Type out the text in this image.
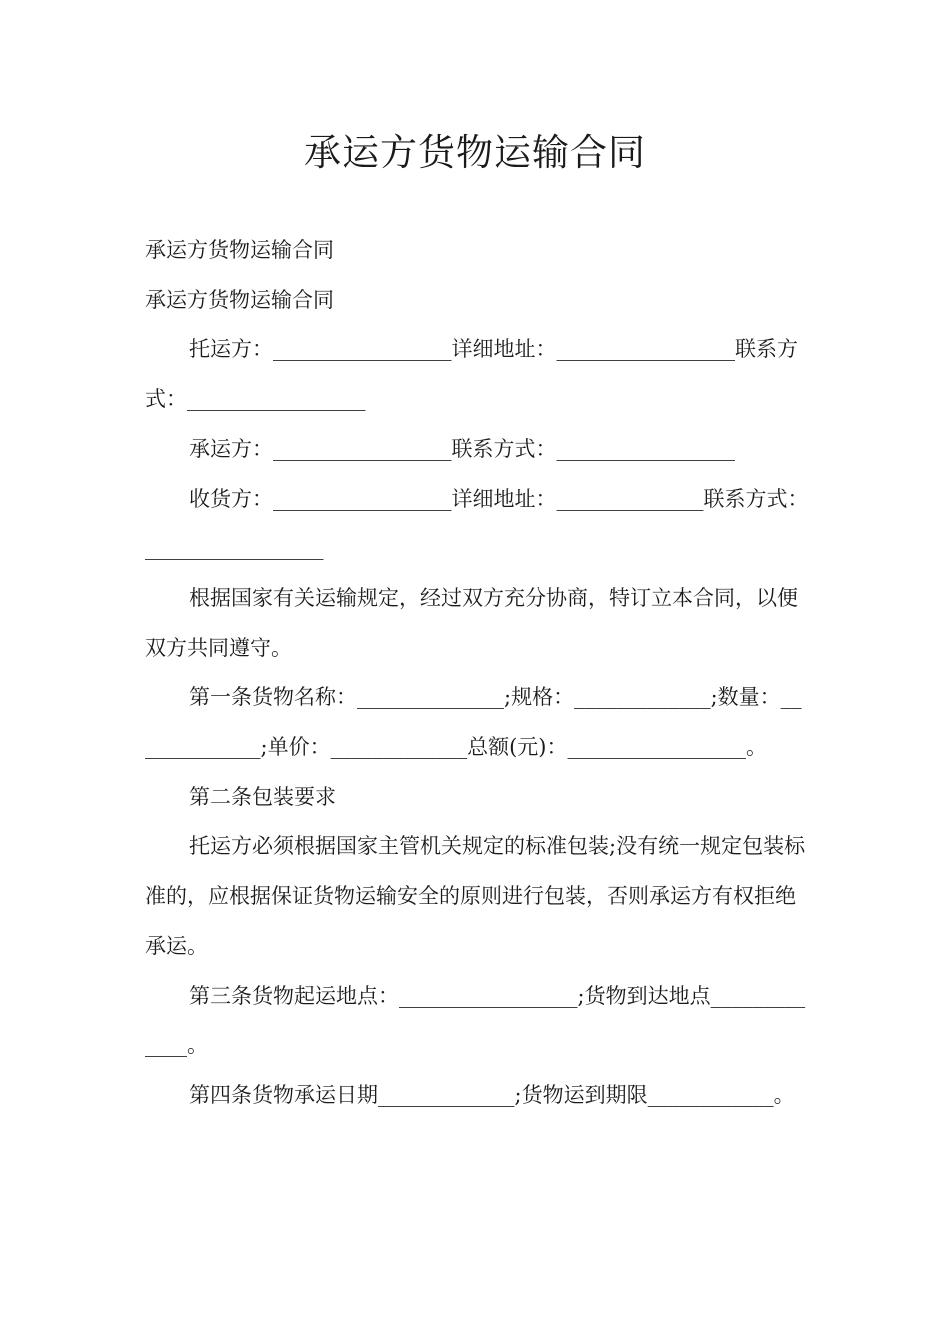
承运方货物运输合同

承运方货物运输合同

承运方货物运输合同

托运方：_________________详细地址：_________________联系方式：_________________

承运方：_________________联系方式：_________________

收货方：_________________详细地址：______________联系方式：_________________

根据国家有关运输规定，经过双方充分协商，特订立本合同，以便双方共同遵守。

第一条货物名称：______________;规格：_____________;数量：_____________;单价：_____________总额(元)：_________________。

第二条包装要求

托运方必须根据国家主管机关规定的标准包装;没有统一规定包装标准的，应根据保证货物运输安全的原则进行包装，否则承运方有权拒绝承运。

第三条货物起运地点：_________________;货物到达地点_____________。

第四条货物承运日期_____________;货物运到期限____________。
